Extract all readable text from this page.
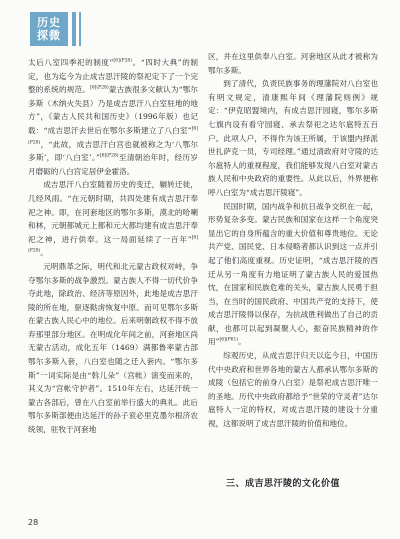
历史
探微

太后八室四季祀的制度”$^{[6](P28)}$。“四时大典”的制定，也为迄今为止成吉思汗陵的祭祀定下了一个完整的系统的规范。$^{[6](P28)}$蒙古族很多文献认为“鄂尔多斯（木纳火失县）乃是成吉思汗八白室驻地的地方”，《蒙古人民共和国历史》（1996年版）也记载：“成吉思汗去世后在鄂尔多斯建立了八白室”$^{[6](P28)}$，“此故，成吉思汗白宫也就被称之为‘八鄂尔多斯’，即‘八白室’。”$^{[6](P28)}$至清朝治年时，经历岁月磨砺的八白宫定居伊金霍洛。

成吉思汗八白室随着历史的变迁，辗转迁徙，几经风雨。“在元朝时期，共四处建有成吉思汗奉祀之神。即，在河套地区的鄂尔多斯，漠北的哈喇和林，元朝都城元上都和元大都均建有成吉思汗奉祀之神，进行供奉。这一局面延续了一百年”$^{[6](P28)}$。

元明鼎革之际，明代和北元蒙古政权对峙，争夺鄂尔多斯的战争激烈。蒙古族人不得一切代价争夺此地，除政治、经济等原因外，此地是成吉思汗陵的所在地，驱逐鞑虏恢复中原。而可见鄂尔多斯在蒙古族人民心中的地位。后来明朝政权不得不放弃那里部分地区。在明成化年间之前，河套地区尚无蒙古活动，成化五年（1469）满都鲁率蒙古部鄂尔多斯入套，八白室也随之迁入套内。“鄂尔多斯”一词实际是由“斡儿朵”（宫帐）演变而来的，其义为“宫帐守护者”。1510年左右，达延汗统一蒙古各部后，曾在八白室前举行盛大的典礼。此后鄂尔多斯部便由达延汗的孙子衮必里克墨尔根济农统领，驻牧于河套地

区，并在这里供奉八白室。河套地区从此才被称为鄂尔多斯。

到了清代，负责民族事务的理藩院对八白室也有明文规定，清康熙年间《理藩院则例》规定：“伊克昭盟境内，有成吉思汗园寝，鄂尔多斯七旗内设有看守园寝、承去祭祀之达尔扈特五百户。此项人户，不得作为该王所属，于该盟内择派世扎萨克一员，专司经理。”通过清政府对守陵的达尔扈特人的重视程度，我们能够发现八白室对蒙古族人民和中央政府的重要性。从此以后，外界便称呼八白室为“成吉思汗陵寝”。

民国时期，国内战争和抗日战争交织在一起，形势复杂多变。蒙古民族和国家在这样一个角度突显出它的自身所蕴含的重大价值和尊贵地位。无论共产党、国民党、日本侵略者都认识到这一点并引起了他们高度重视。历史证明，“成吉思汗陵的西迁从另一角度有力地证明了蒙古族人民的爱国热忱，在国家和民族危难的关头，蒙古族人民勇于担当，在当时的国民政府、中国共产党的支持下，使成吉思汗陵得以保存，为抗战胜利做出了自己的贡献，也都可以起到凝聚人心，振奋民族精神的作用”$^{[6](P61)}$。

综观历史，从成吉思汗归天以迄今日，中国历代中央政府和世界各地的蒙古人都承认鄂尔多斯的成陵（包括它的前身八白室）是祭祀成吉思汗唯一的圣地。历代中央政府都给予“世荣的守灵者”达尔扈特人一定的特权，对成吉思汗陵的建设十分重视，这都说明了成吉思汗陵的价值和地位。

三、成吉思汗陵的文化价值
28
